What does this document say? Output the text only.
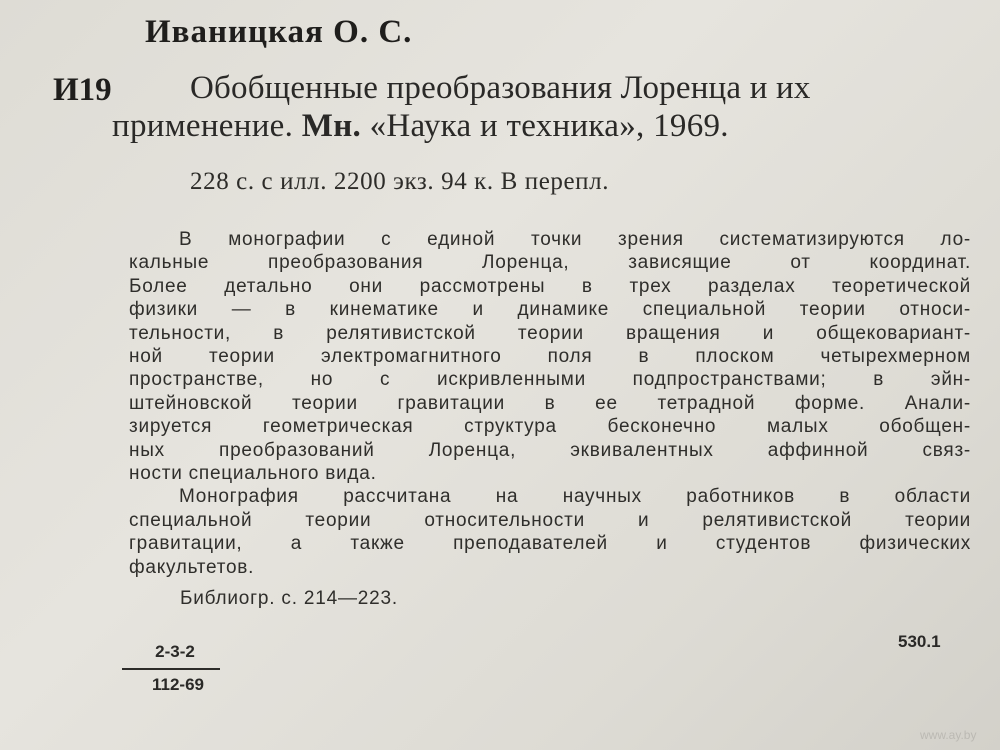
Иваницкая О. С.
И19 Обобщенные преобразования Лоренца и их
применение. Мн. «Наука и техника», 1969.
228 с. с илл. 2200 экз. 94 к. В перепл.
В монографии с единой точки зрения систематизируются ло-
кальные преобразования Лоренца, зависящие от координат.
Более детально они рассмотрены в трех разделах теоретической
физики — в кинематике и динамике специальной теории относи-
тельности, в релятивистской теории вращения и общековариант-
ной теории электромагнитного поля в плоском четырехмерном
пространстве, но с искривленными подпространствами; в эйн-
штейновской теории гравитации в ее тетрадной форме. Анали-
зируется геометрическая структура бесконечно малых обобщен-
ных преобразований Лоренца, эквивалентных аффинной связ-
ности специального вида.
Монография рассчитана на научных работников в области
специальной теории относительности и релятивистской теории
гравитации, а также преподавателей и студентов физических
факультетов.
Библиогр. с. 214—223.
2-3-2
112-69
530.1
www.ay.by
